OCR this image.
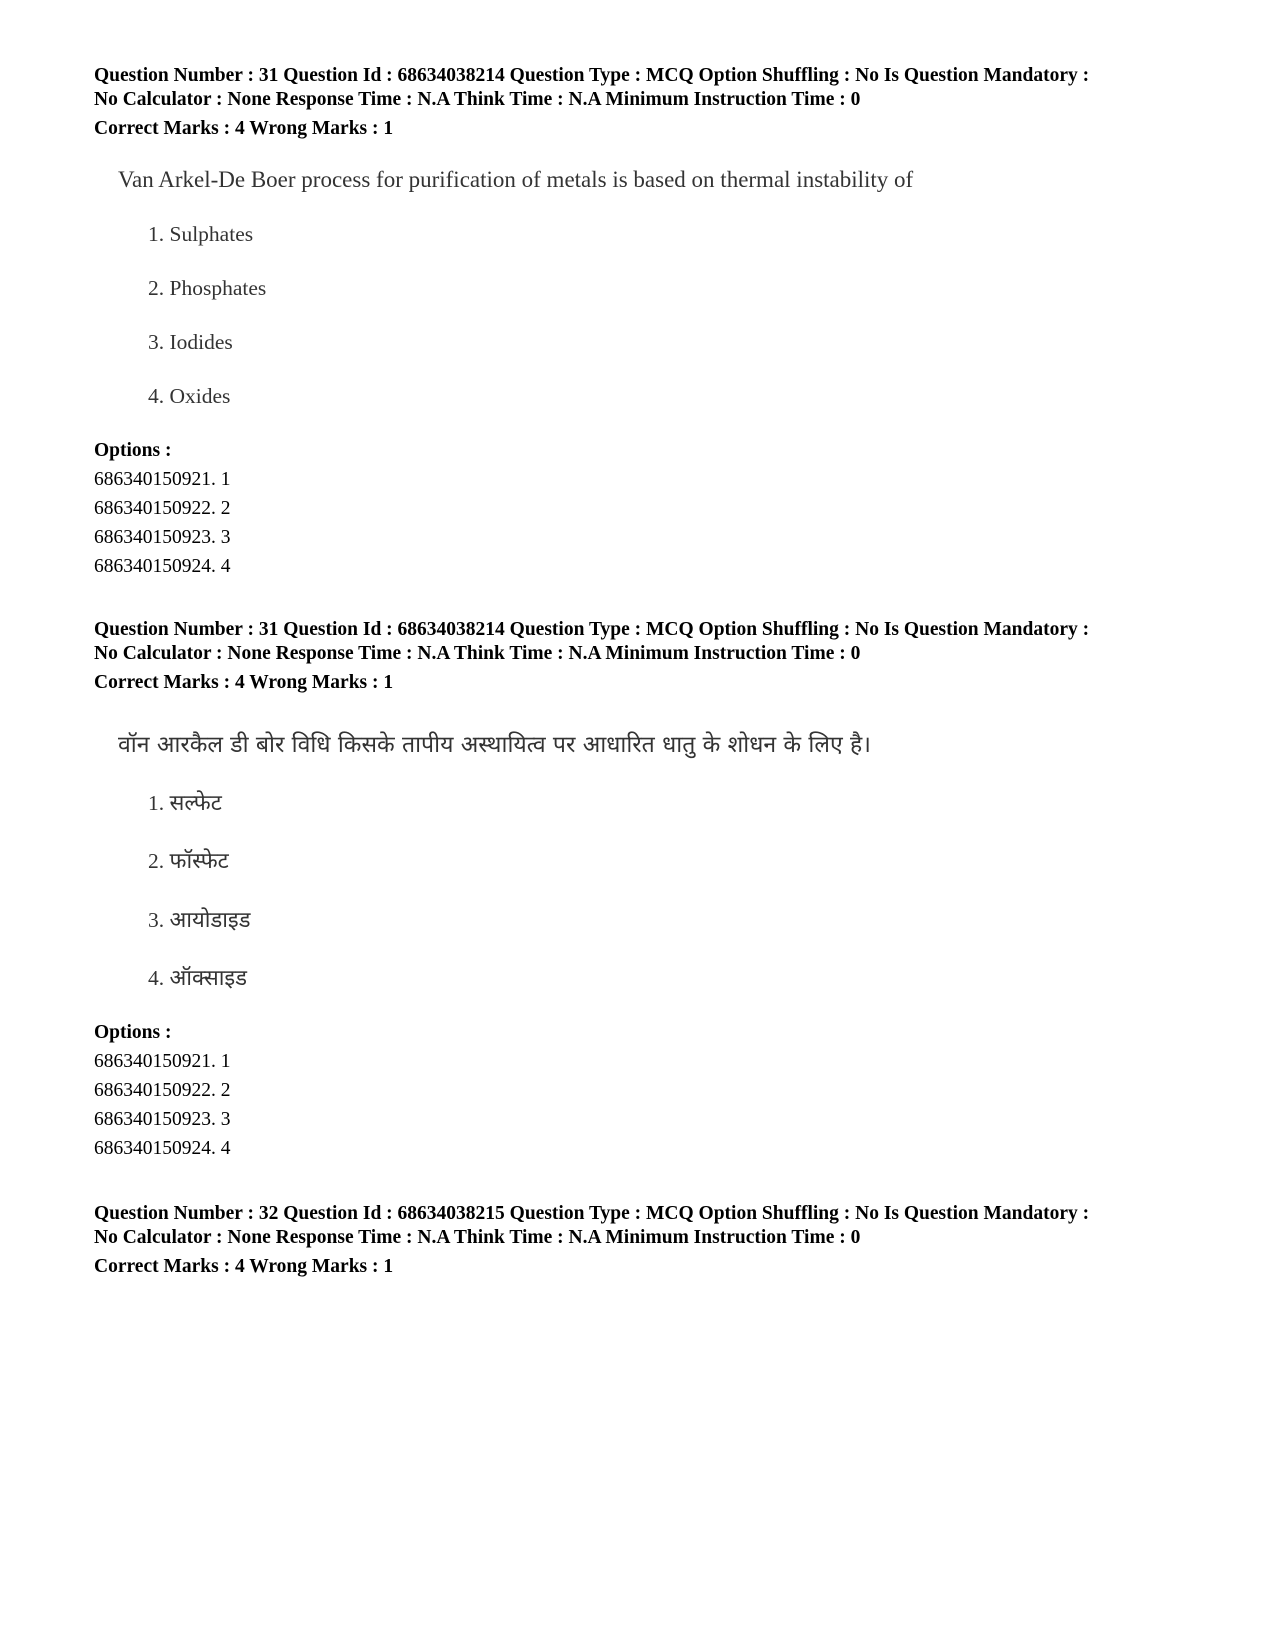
Question Number : 31 Question Id : 68634038214 Question Type : MCQ Option Shuffling : No Is Question Mandatory :

No Calculator : None Response Time : N.A Think Time : N.A Minimum Instruction Time : 0

Correct Marks : 4 Wrong Marks : 1
Van Arkel-De Boer process for purification of metals is based on thermal instability of
1. Sulphates
2. Phosphates
3. Iodides
4. Oxides
Options :
686340150921. 1
686340150922. 2
686340150923. 3
686340150924. 4

Question Number : 31 Question Id : 68634038214 Question Type : MCQ Option Shuffling : No Is Question Mandatory :

No Calculator : None Response Time : N.A Think Time : N.A Minimum Instruction Time : 0

Correct Marks : 4 Wrong Marks : 1
वॉन आरकैल डी बोर विधि किसके तापीय अस्थायित्व पर आधारित धातु के शोधन के लिए है।
1. सल्फेट
2. फॉस्फेट
3. आयोडाइड
4. ऑक्साइड
Options :
686340150921. 1
686340150922. 2
686340150923. 3
686340150924. 4

Question Number : 32 Question Id : 68634038215 Question Type : MCQ Option Shuffling : No Is Question Mandatory :

No Calculator : None Response Time : N.A Think Time : N.A Minimum Instruction Time : 0

Correct Marks : 4 Wrong Marks : 1
